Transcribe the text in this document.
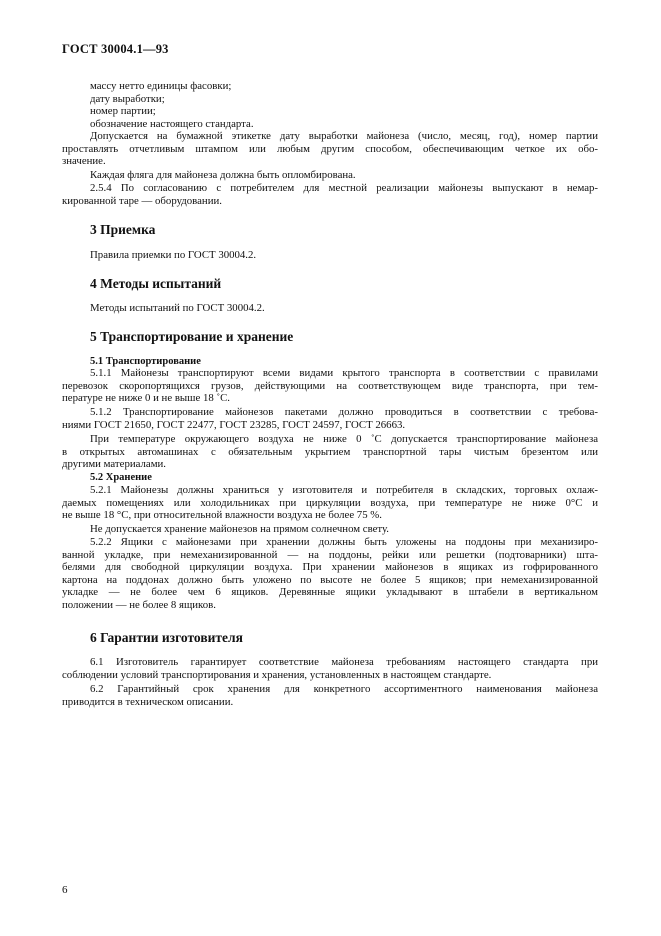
ГОСТ 30004.1—93

массу нетто единицы фасовки;

дату выработки;

номер партии;

обозначение настоящего стандарта.

Допускается на бумажной этикетке дату выработки майонеза (число, месяц, год), номер партии
проставлять отчетливым штампом или любым другим способом, обеспечивающим четкое их обо-
значение.
Каждая фляга для майонеза должна быть опломбирована.
2.5.4 По согласованию с потребителем для местной реализации майонезы выпускают в немар-
кированной таре — оборудовании.
3 Приемка
Правила приемки по ГОСТ 30004.2.
4 Методы испытаний
Методы испытаний по ГОСТ 30004.2.
5 Транспортирование и хранение
5.1 Транспортирование
5.1.1 Майонезы транспортируют всеми видами крытого транспорта в соответствии с правилами
перевозок скоропортящихся грузов, действующими на соответствующем виде транспорта, при тем-
пературе не ниже 0 и не выше 18 ˚С.
5.1.2 Транспортирование майонезов пакетами должно проводиться в соответствии с требова-
ниями ГОСТ 21650, ГОСТ 22477, ГОСТ 23285, ГОСТ 24597, ГОСТ 26663.
При температуре окружающего воздуха не ниже 0 ˚С допускается транспортирование майонеза
в открытых автомашинах с обязательным укрытием транспортной тары чистым брезентом или
другими материалами.
5.2 Хранение
5.2.1 Майонезы должны храниться у изготовителя и потребителя в складских, торговых охлаж-
даемых помещениях или холодильниках при циркуляции воздуха, при температуре не ниже 0°С и
не выше 18 °С, при относительной влажности воздуха не более 75 %.
Не допускается хранение майонезов на прямом солнечном свету.
5.2.2 Ящики с майонезами при хранении должны быть уложены на поддоны при механизиро-
ванной укладке, при немеханизированной — на поддоны, рейки или решетки (подтоварники) шта-
белями для свободной циркуляции воздуха. При хранении майонезов в ящиках из гофрированного
картона на поддонах должно быть уложено по высоте не более 5 ящиков; при немеханизированной
укладке — не более чем 6 ящиков. Деревянные ящики укладывают в штабели в вертикальном
положении — не более 8 ящиков.
6 Гарантии изготовителя
6.1 Изготовитель гарантирует соответствие майонеза требованиям настоящего стандарта при
соблюдении условий транспортирования и хранения, установленных в настоящем стандарте.
6.2 Гарантийный срок хранения для конкретного ассортиментного наименования майонеза
приводится в техническом описании.
6
